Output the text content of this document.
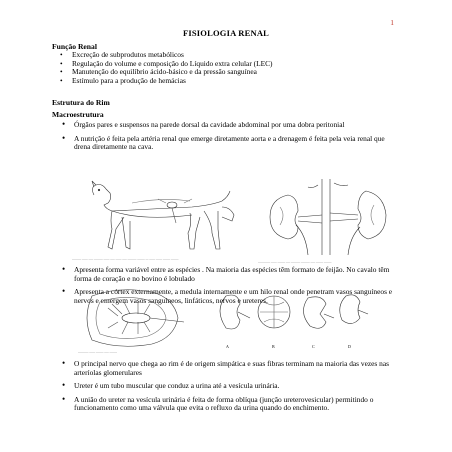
1
FISIOLOGIA RENAL
Função Renal

• Excreção de subprodutos metabólicos

• Regulação do volume e composição do Líquido extra celular (LEC)

• Manutenção do equilíbrio ácido-básico e da pressão sanguínea

• Estímulo para a produção de hemácias

Estrutura do Rim
Macroestrutura

• Órgãos pares e suspensos na parede dorsal da cavidade abdominal por uma dobra peritonial

• A nutrição é feita pela artéria renal que emerge diretamente aorta e a drenagem é feita pela veia renal que drena diretamente na cava.

______ ____ ___ ______ ____ ___ ____ ___ ______ _____ __ ____ ____ _____ _____
________ ____ _____ ___ ______ ______ ___ _____ _____

• Apresenta forma variável entre as espécies . Na maioria das espécies têm formato de feijão. No cavalo têm forma de coração e no bovino é lobulado

• Apresenta a córtex externamente, a medula internamente e um hilo renal onde penetram vasos sanguíneos e nervos e emergem vasos sanguíneos, linfáticos, nervos e ureteres.

_______ ____ _____ ___ _____
A	B	C	D

• O principal nervo que chega ao rim é de origem simpática e suas fibras terminam na maioria das vezes nas arteríolas glomerulares

• Ureter é um tubo muscular que conduz a urina até a vesícula urinária.

• A união do ureter na vesícula urinária é feita de forma oblíqua (junção ureterovesicular) permitindo o funcionamento como uma válvula que evita o refluxo da urina quando do enchimento.
